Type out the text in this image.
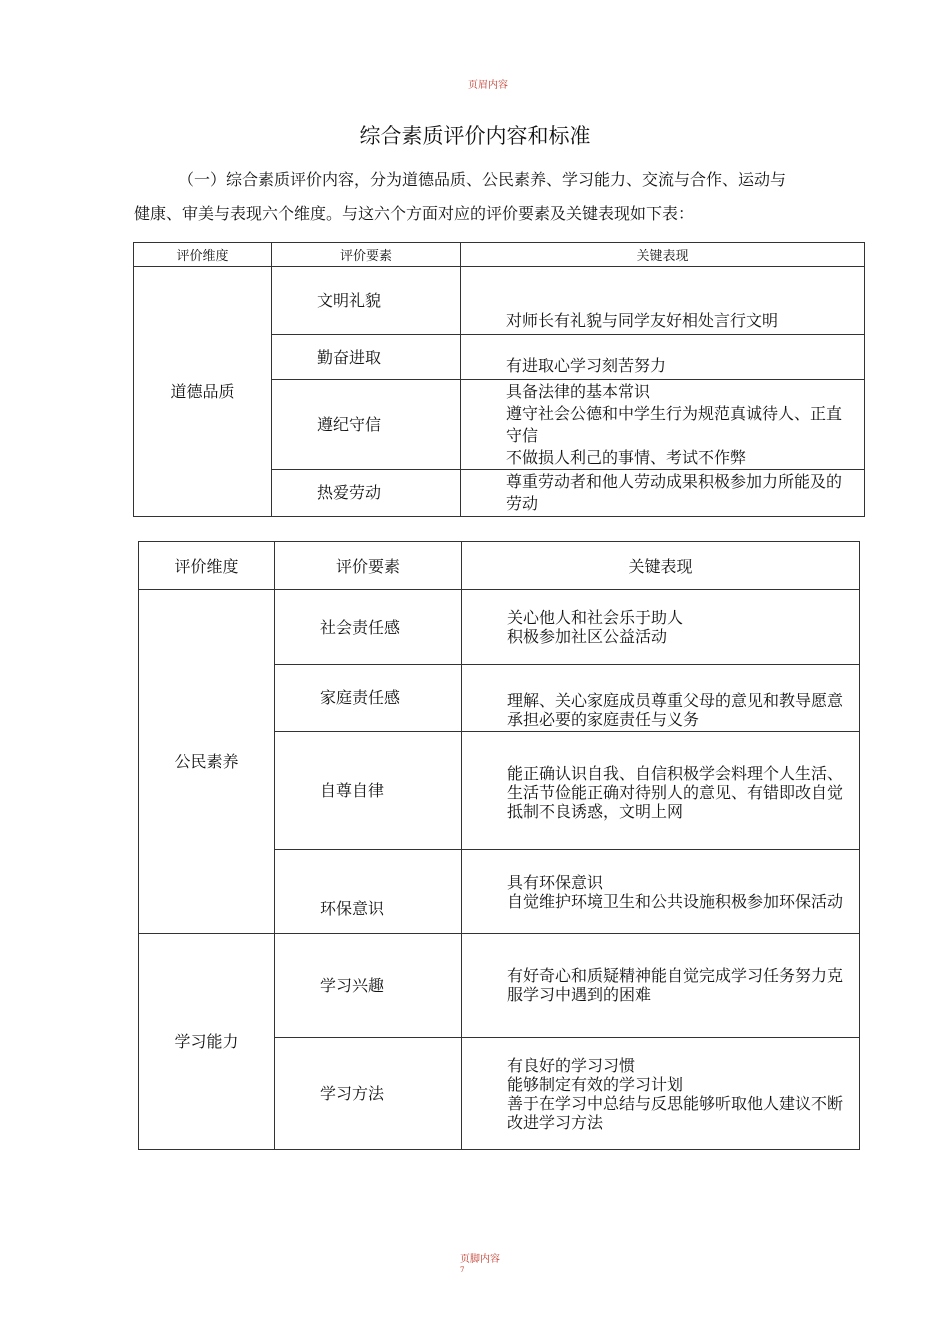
页眉内容
综合素质评价内容和标准
（一）综合素质评价内容，分为道德品质、公民素养、学习能力、交流与合作、运动与
健康、审美与表现六个维度。与这六个方面对应的评价要素及关键表现如下表：
评价维度	评价要素	关键表现
道德品质	文明礼貌	对师长有礼貌与同学友好相处言行文明

	勤奋进取	有进取心学习刻苦努力

	遵纪守信	具备法律的基本常识
遵守社会公德和中学生行为规范真诚待人、正直守信
不做损人利己的事情、考试不作弊

	热爱劳动	尊重劳动者和他人劳动成果积极参加力所能及的劳动
评价维度	评价要素	关键表现
公民素养	社会责任感	关心他人和社会乐于助人
积极参加社区公益活动

	家庭责任感	理解、关心家庭成员尊重父母的意见和教导愿意承担必要的家庭责任与义务

	自尊自律	能正确认识自我、自信积极学会料理个人生活、生活节俭能正确对待别人的意见、有错即改自觉抵制不良诱惑，文明上网

	环保意识	具有环保意识
自觉维护环境卫生和公共设施积极参加环保活动

学习能力	学习兴趣	有好奇心和质疑精神能自觉完成学习任务努力克服学习中遇到的困难

	学习方法	有良好的学习习惯
能够制定有效的学习计划
善于在学习中总结与反思能够听取他人建议不断改进学习方法
页脚内容
7
